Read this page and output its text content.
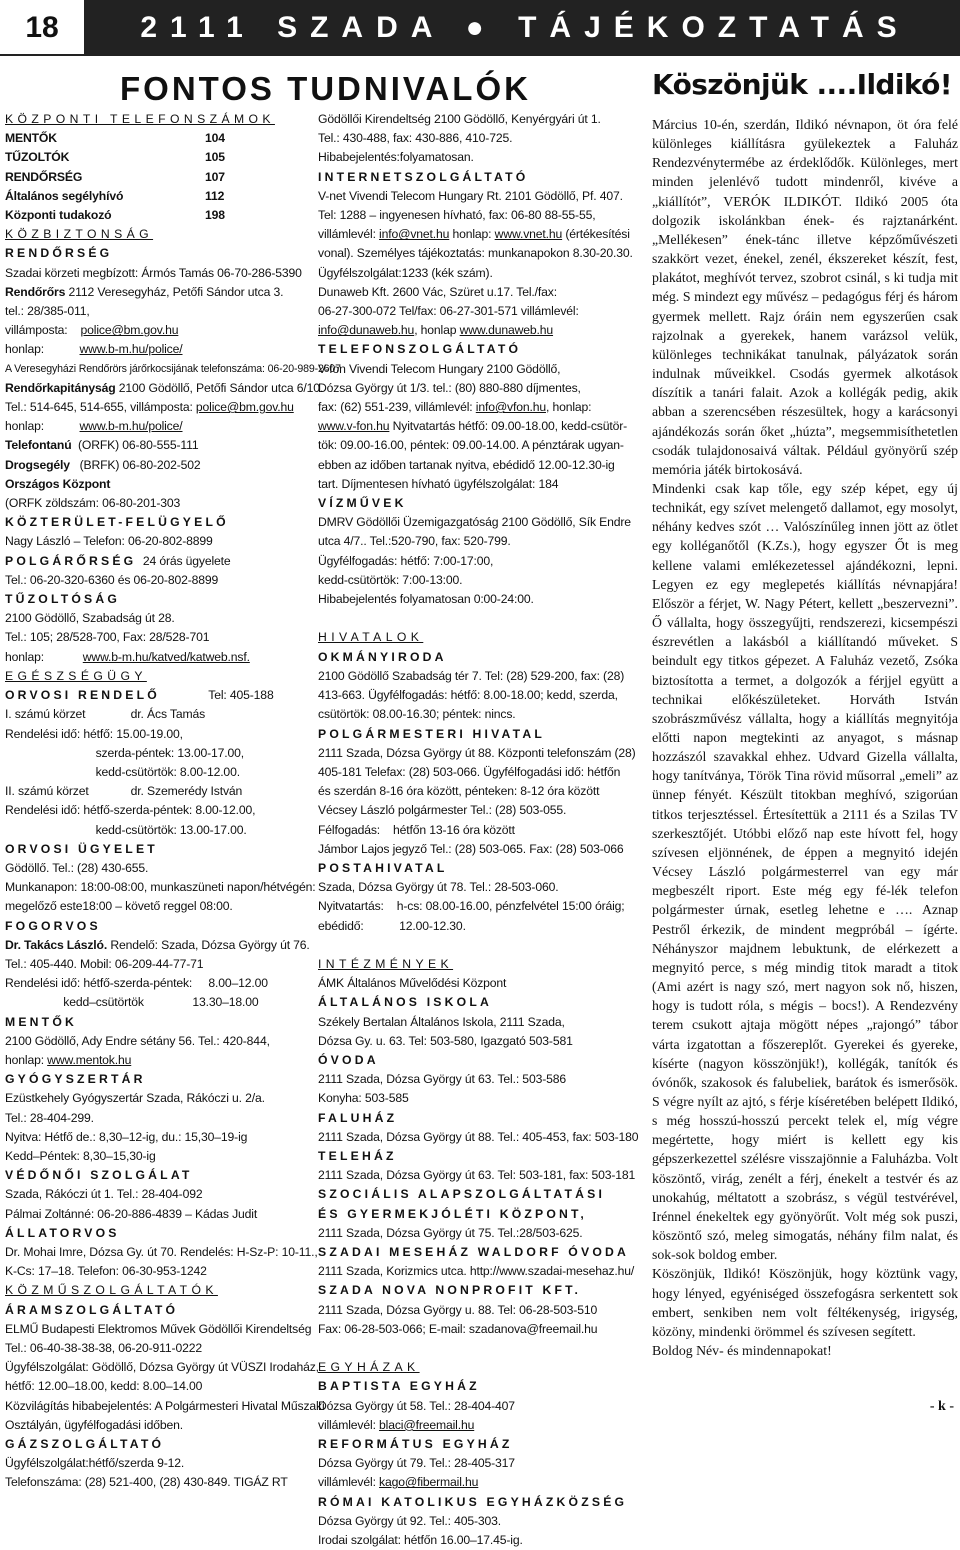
18	2111 SZADA ● TÁJÉKOZTATÁS
FONTOS TUDNIVALÓK
KÖZPONTI TELEFONSZÁMOK
MENTŐK	104
TŰZOLTÓK	105
RENDŐRSÉG	107
Általános segélyhívó	112
Központi tudakozó	198
KÖZBIZTONSÁG
RENDŐRSÉG
Szadai körzeti megbízott: Ármós Tamás 06-70-286-5390
Rendőrőrs 2112 Veresegyház, Petőfi Sándor utca 3.
tel.: 28/385-011,
villámposta:    police@bm.gov.hu
honlap:           www.b-m.hu/police/
A Veresegyházi Rendőrörs járőrkocsijának telefonszáma: 06-20-989-2607
Rendőrkapitányság 2100 Gödöllő, Petőfi Sándor utca 6/10.
Tel.: 514-645, 514-655, villámposta: police@bm.gov.hu
honlap:           www.b-m.hu/police/
Telefontanú  (ORFK) 06-80-555-111
Drogsegély   (BRFK) 06-80-202-502
Országos Központ
(ORFK zöldszám: 06-80-201-303
KÖZTERÜLET-FELÜGYELŐ
Nagy László – Telefon: 06-20-802-8899
POLGÁRŐRSÉG  24 órás ügyelete
Tel.: 06-20-320-6360 és 06-20-802-8899
TŰZOLTÓSÁG
2100 Gödöllő, Szabadság út 28.
Tel.: 105; 28/528-700, Fax: 28/528-701
honlap:            www.b-m.hu/katved/katweb.nsf.
EGÉSZSÉGÜGY
ORVOSI RENDELŐ               Tel: 405-188
I. számú körzet              dr. Ács Tamás
Rendelési idő: hétfő: 15.00-19.00,
szerda-péntek: 13.00-17.00,
kedd-csütörtök: 8.00-12.00.
II. számú körzet             dr. Szemerédy István
Rendelési idő: hétfő-szerda-péntek: 8.00-12.00,
kedd-csütörtök: 13.00-17.00.
ORVOSI ÜGYELET
Gödöllő. Tel.: (28) 430-655.
Munkanapon: 18:00-08:00, munkaszüneti napon/hétvégén:
megelőző este18:00 – követő reggel 08:00.
FOGORVOS
Dr. Takács László. Rendelő: Szada, Dózsa György út 76.
Tel.: 405-440. Mobil: 06-209-44-77-71
Rendelési idő: hétfő-szerda-péntek:     8.00–12.00
kedd–csütörtök               13.30–18.00
MENTŐK
2100 Gödöllő, Ady Endre sétány 56. Tel.: 420-844,
honlap: www.mentok.hu
GYÓGYSZERTÁR
Ezüstkehely Gyógyszertár Szada, Rákóczi u. 2/a.
Tel.: 28-404-299.
Nyitva: Hétfő de.: 8,30–12-ig, du.: 15,30–19-ig
Kedd–Péntek: 8,30–15,30-ig
VÉDŐNŐI SZOLGÁLAT
Szada, Rákóczi út 1. Tel.: 28-404-092
Pálmai Zoltánné: 06-20-886-4839 – Kádas Judit
ÁLLATORVOS
Dr. Mohai Imre, Dózsa Gy. út 70. Rendelés: H-Sz-P: 10-11.,
K-Cs: 17–18. Telefon: 06-30-953-1242
KÖZMŰSZOLGÁLTATÓK
ÁRAMSZOLGÁLTATÓ
ELMŰ Budapesti Elektromos Művek Gödöllői Kirendeltség
Tel.: 06-40-38-38-38, 06-20-911-0222
Ügyfélszolgálat: Gödöllő, Dózsa György út VÜSZI Irodaház,
hétfő: 12.00–18.00, kedd: 8.00–14.00
Közvilágítás hibabejelentés: A Polgármesteri Hivatal Műszaki
Osztályán, ügyfélfogadási időben.
GÁZSZOLGÁLTATÓ
Ügyfélszolgálat:hétfő/szerda 9-12.
Telefonszáma: (28) 521-400, (28) 430-849. TIGÁZ RT
Gödöllői Kirendeltség 2100 Gödöllő, Kenyérgyári út 1.
Tel.: 430-488, fax: 430-886, 410-725.
Hibabejelentés:folyamatosan.
INTERNETSZOLGÁLTATÓ
V-net Vivendi Telecom Hungary Rt. 2101 Gödöllő, Pf. 407.
Tel: 1288 – ingyenesen hívható, fax: 06-80 88-55-55,
villámlevél: info@vnet.hu honlap: www.vnet.hu (értékesítési
vonal). Személyes tájékoztatás: munkanapokon 8.30-20.30.
Ügyfélszolgálat:1233 (kék szám).
Dunaweb Kft. 2600 Vác, Szüret u.17. Tel./fax:
06-27-300-072 Tel/fax: 06-27-301-571 villámlevél:
info@dunaweb.hu, honlap www.dunaweb.hu
TELEFONSZOLGÁLTATÓ
V-fon Vivendi Telecom Hungary 2100 Gödöllő,
Dózsa György út 1/3. tel.: (80) 880-880 díjmentes,
fax: (62) 551-239, villámlevél: info@vfon.hu, honlap:
www.v-fon.hu Nyitvatartás hétfő: 09.00-18.00, kedd-csütör-
tök: 09.00-16.00, péntek: 09.00-14.00. A pénztárak ugyan-
ebben az időben tartanak nyitva, ebédidő 12.00-12.30-ig
tart. Díjmentesen hívható ügyfélszolgálat: 184
VÍZMŰVEK
DMRV Gödöllői Üzemigazgatóság 2100 Gödöllő, Sík Endre
utca 4/7.. Tel.:520-790, fax: 520-799.
Ügyfélfogadás: hétfő: 7:00-17:00,
kedd-csütörtök: 7:00-13:00.
Hibabejelentés folyamatosan 0:00-24:00.

HIVATALOK
OKMÁNYIRODA
2100 Gödöllő Szabadság tér 7. Tel: (28) 529-200, fax: (28)
413-663. Ügyfélfogadás: hétfő: 8.00-18.00; kedd, szerda,
csütörtök: 08.00-16.30; péntek: nincs.
POLGÁRMESTERI HIVATAL
2111 Szada, Dózsa György út 88. Központi telefonszám (28)
405-181 Telefax: (28) 503-066. Ügyfélfogadási idő: hétfőn
és szerdán 8-16 óra között, pénteken: 8-12 óra között
Vécsey László polgármester Tel.: (28) 503-055.
Félfogadás:    hétfőn 13-16 óra között
Jámbor Lajos jegyző Tel.: (28) 503-065. Fax: (28) 503-066
POSTAHIVATAL
Szada, Dózsa György út 78. Tel.: 28-503-060.
Nyitvatartás:    h-cs: 08.00-16.00, pénzfelvétel 15:00 óráig;
ebédidő:           12.00-12.30.

INTÉZMÉNYEK
ÁMK Általános Művelődési Központ
ÁLTALÁNOS ISKOLA
Székely Bertalan Általános Iskola, 2111 Szada,
Dózsa Gy. u. 63. Tel: 503-580, Igazgató 503-581
ÓVODA
2111 Szada, Dózsa György út 63. Tel.: 503-586
Konyha: 503-585
FALUHÁZ
2111 Szada, Dózsa György út 88. Tel.: 405-453, fax: 503-180
TELEHÁZ
2111 Szada, Dózsa György út 63. Tel: 503-181, fax: 503-181
SZOCIÁLIS ALAPSZOLGÁLTATÁSI
ÉS GYERMEKJÓLÉTI KÖZPONT,
2111 Szada, Dózsa György út 75. Tel.:28/503-625.
SZADAI MESEHÁZ WALDORF ÓVODA
2111 Szada, Korizmics utca. http://www.szadai-mesehaz.hu/
SZADA NOVA NONPROFIT KFT.
2111 Szada, Dózsa György u. 88. Tel: 06-28-503-510
Fax: 06-28-503-066; E-mail: szadanova@freemail.hu

EGYHÁZAK
BAPTISTA EGYHÁZ
Dózsa György út 58. Tel.: 28-404-407
villámlevél: blaci@freemail.hu
REFORMÁTUS EGYHÁZ
Dózsa György út 79. Tel.: 28-405-317
villámlevél: kago@fibermail.hu
RÓMAI KATOLIKUS EGYHÁZKÖZSÉG
Dózsa György út 92. Tel.: 405-303.
Irodai szolgálat: hétfőn 16.00–17.45-ig.
Köszönjük ....Ildikó!

Március 10-én, szerdán, Ildikó névnapon, öt óra felé különleges kiállításra gyülekeztek a Faluház Rendezvénytermébe az érdeklődők. Különleges, mert minden jelenlévő tudott mindenről, kivéve a „kiállítót”, VERÓK ILDIKÓT. Ildikó 2005 óta dolgozik iskolánkban ének- és rajztanárként. „Mellékesen” ének-tánc illetve képzőművészeti szakkört vezet, énekel, zenél, ékszereket készít, fest, plakátot, meghívót tervez, szobrot csinál, s ki tudja mit még. S mindezt egy művész – pedagógus férj és három gyermek mellett. Rajz óráin nem egyszerűen csak rajzolnak a gyerekek, hanem varázsol velük, különleges technikákat tanulnak, pályázatok során indulnak műveikkel. Csodás gyermek alkotások díszítik a tanári falait. Azok a kollégák pedig, akik abban a szerencsében részesültek, hogy a karácsonyi ajándékozás során őket „húzta”, megsemmisíthetetlen csodák tulajdonosaivá váltak. Például gyönyörű szép memória játék birtokosává.

Mindenki csak kap tőle, egy szép képet, egy új technikát, egy szívet melengető dallamot, egy mosolyt, néhány kedves szót … Valószínűleg innen jött az ötlet egy kolléganőtől (K.Zs.), hogy egyszer Őt is meg kellene valami emlékezetessel ajándékozni, lepni. Legyen ez egy meglepetés kiállítás névnapjára! Először a férjet, W. Nagy Pétert, kellett „beszervezni”. Ő vállalta, hogy összegyűjti, rendszerezi, kicsempészi észrevétlen a lakásból a kiállítandó műveket. S beindult egy titkos gépezet. A Faluház vezető, Zsóka biztosította a termet, a dolgozók a férjjel együtt a technikai előkészületeket. Horváth István szobrászművész vállalta, hogy a kiállítás megnyitója előtti napon megtekinti az anyagot, s másnap hozzászól szavakkal ehhez. Udvard Gizella vállalta, hogy tanítványa, Török Tina rövid műsorral „emeli” az ünnep fényét. Készült titokban meghívó, szigorúan titkos terjesztéssel. Értesítettük a 2111 és a Szilas TV szerkesztőjét. Utóbbi előző nap este hívott fel, hogy szívesen eljönnének, de éppen a megnyitó idején Vécsey László polgármesterrel van egy már megbeszélt riport. Este még egy fé-lék telefon polgármester úrnak, esetleg lehetne e …. Aznap Pestről érkezik, de mindent megpróbál – ígérte. Néhányszor majdnem lebuktunk, de elérkezett a megnyitó perce, s még mindig titok maradt a titok (Ami azért is nagy szó, mert nagyon sok nő, hiszen, hogy is tudott róla, s mégis – bocs!). A Rendezvény terem csukott ajtaja mögött népes „rajongó” tábor várta izgatottan a főszereplőt. Gyerekei és gyereke, kísérte (nagyon kösszönjük!), kollégák, tanítók és óvónők, szakosok és falubeliek, barátok és ismerősök. S végre nyílt az ajtó, s férje kíséretében belépett Ildikó, s még hosszú-hosszú percekt telek el, míg végre megértette, hogy miért is kellett egy kis gépszerkezettel szélésre visszajönnie a Faluházba. Volt köszöntő, virág, zenélt a férj, énekelt a testvér és az unokahúg, méltatott a szobrász, s végül testvérével, Irénnel énekeltek egy gyönyörűt. Volt még sok puszi, köszöntő szó, meleg simogatás, néhány film nalat, és sok-sok boldog ember.

Köszönjük, Ildikó! Köszönjük, hogy köztünk vagy, hogy lényed, egyéniséged összefogásra serkentett sok embert, senkiben nem volt féltékenység, irigység, közöny, mindenki örömmel és szívesen segített.

Boldog Név- és mindennapokat!

- k -
